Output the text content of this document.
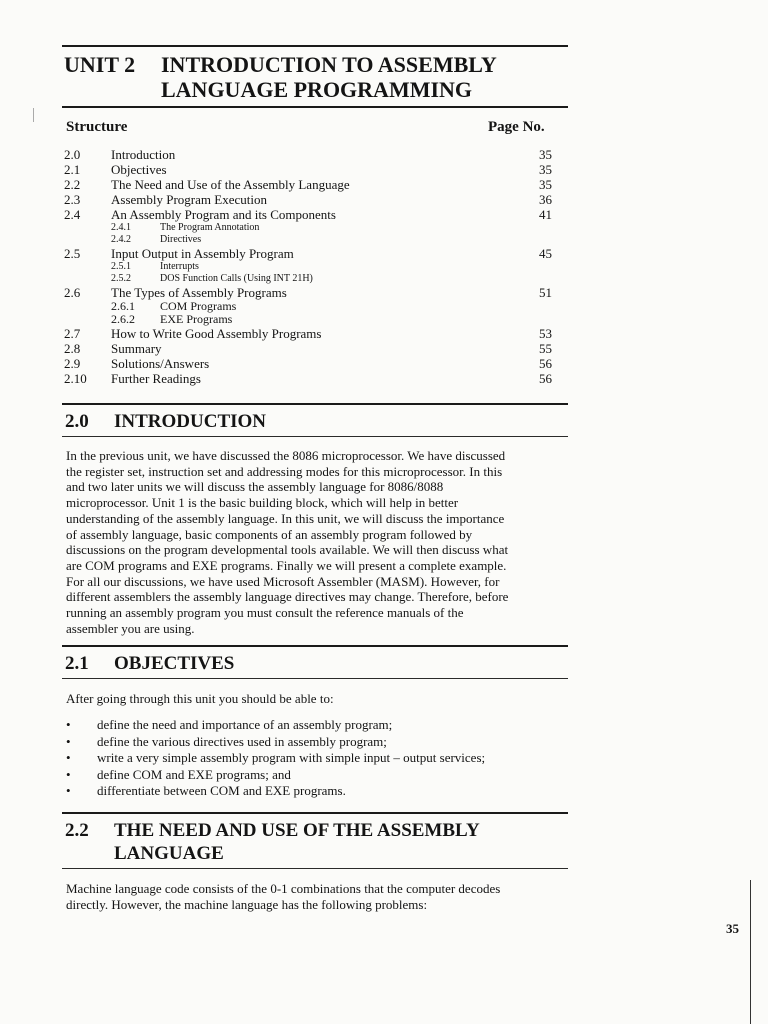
UNIT 2	INTRODUCTION TO ASSEMBLY
LANGUAGE PROGRAMMING
Structure	Page No.
2.0 Introduction	35
2.1 Objectives	35
2.2 The Need and Use of the Assembly Language	35
2.3 Assembly Program Execution	36
2.4 An Assembly Program and its Components	41
2.4.1	The Program Annotation
2.4.2	Directives
2.5 Input Output in Assembly Program	45
2.5.1	Interrupts
2.5.2	DOS Function Calls (Using INT 21H)
2.6 The Types of Assembly Programs	51
2.6.1 COM Programs
2.6.2 EXE Programs
2.7 How to Write Good Assembly Programs	53
2.8 Summary	55
2.9 Solutions/Answers	56
2.10 Further Readings	56
2.0 INTRODUCTION
In the previous unit, we have discussed the 8086 microprocessor. We have discussed
the register set, instruction set and addressing modes for this microprocessor. In this
and two later units we will discuss the assembly language for 8086/8088
microprocessor. Unit 1 is the basic building block, which will help in better
understanding of the assembly language. In this unit, we will discuss the importance
of assembly language, basic components of an assembly program followed by
discussions on the program developmental tools available. We will then discuss what
are COM programs and EXE programs. Finally we will present a complete example.
For all our discussions, we have used Microsoft Assembler (MASM). However, for
different assemblers the assembly language directives may change. Therefore, before
running an assembly program you must consult the reference manuals of the
assembler you are using.
2.1 OBJECTIVES
After going through this unit you should be able to:
• define the need and importance of an assembly program;
• define the various directives used in assembly program;
• write a very simple assembly program with simple input – output services;
• define COM and EXE programs; and
• differentiate between COM and EXE programs.
2.2 THE NEED AND USE OF THE ASSEMBLY
LANGUAGE
Machine language code consists of the 0-1 combinations that the computer decodes
directly. However, the machine language has the following problems:
35
